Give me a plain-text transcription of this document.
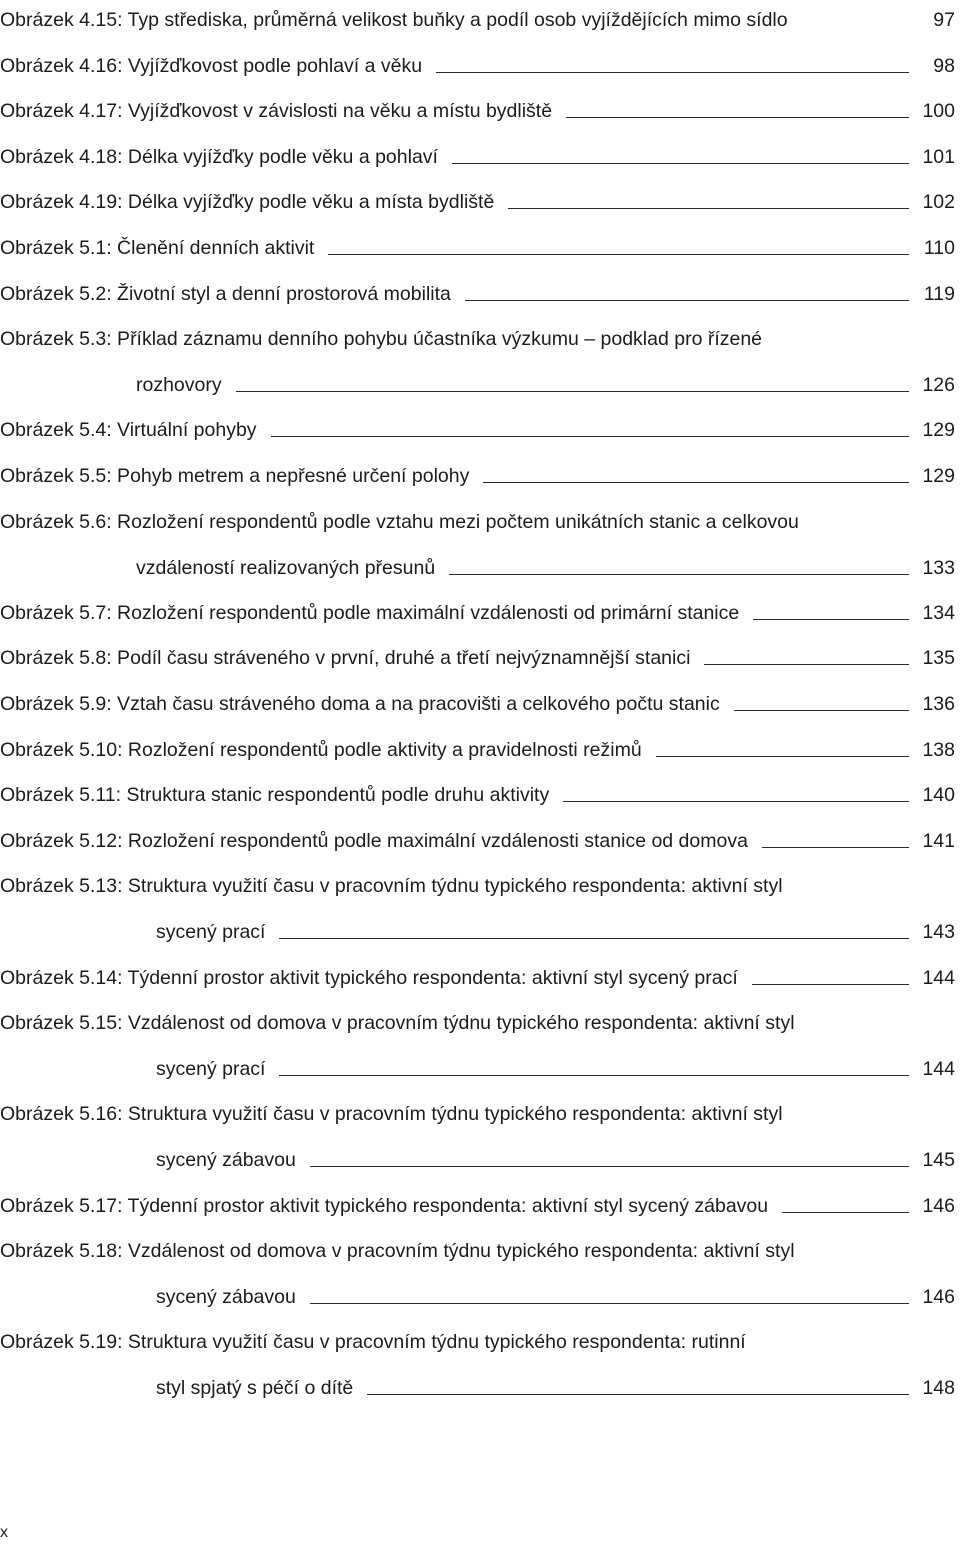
Obrázek 4.15: Typ střediska, průměrná velikost buňky a podíl osob vyjíždějících mimo sídlo	97
Obrázek 4.16: Vyjížďkovost podle pohlaví a věku	98
Obrázek 4.17: Vyjížďkovost v závislosti na věku a místu bydliště	100
Obrázek 4.18: Délka vyjížďky podle věku a pohlaví	101
Obrázek 4.19: Délka vyjížďky podle věku a místa bydliště	102
Obrázek 5.1: Členění denních aktivit	110
Obrázek 5.2: Životní styl a denní prostorová mobilita	119
Obrázek 5.3: Příklad záznamu denního pohybu účastníka výzkumu – podklad pro řízené
rozhovory	126
Obrázek 5.4: Virtuální pohyby	129
Obrázek 5.5: Pohyb metrem a nepřesné určení polohy	129
Obrázek 5.6: Rozložení respondentů podle vztahu mezi počtem unikátních stanic a celkovou
vzdáleností realizovaných přesunů	133
Obrázek 5.7: Rozložení respondentů podle maximální vzdálenosti od primární stanice	134
Obrázek 5.8: Podíl času stráveného v první, druhé a třetí nejvýznamnější stanici	135
Obrázek 5.9: Vztah času stráveného doma a na pracovišti a celkového počtu stanic	136
Obrázek 5.10: Rozložení respondentů podle aktivity a pravidelnosti režimů	138
Obrázek 5.11: Struktura stanic respondentů podle druhu aktivity	140
Obrázek 5.12: Rozložení respondentů podle maximální vzdálenosti stanice od domova	141
Obrázek 5.13: Struktura využití času v pracovním týdnu typického respondenta: aktivní styl
sycený prací	143
Obrázek 5.14: Týdenní prostor aktivit typického respondenta: aktivní styl sycený prací	144
Obrázek 5.15: Vzdálenost od domova v pracovním týdnu typického respondenta: aktivní styl
sycený prací	144
Obrázek 5.16: Struktura využití času v pracovním týdnu typického respondenta: aktivní styl
sycený zábavou	145
Obrázek 5.17: Týdenní prostor aktivit typického respondenta: aktivní styl sycený zábavou	146
Obrázek 5.18: Vzdálenost od domova v pracovním týdnu typického respondenta: aktivní styl
sycený zábavou	146
Obrázek 5.19: Struktura využití času v pracovním týdnu typického respondenta: rutinní
styl spjatý s péčí o dítě	148
x
